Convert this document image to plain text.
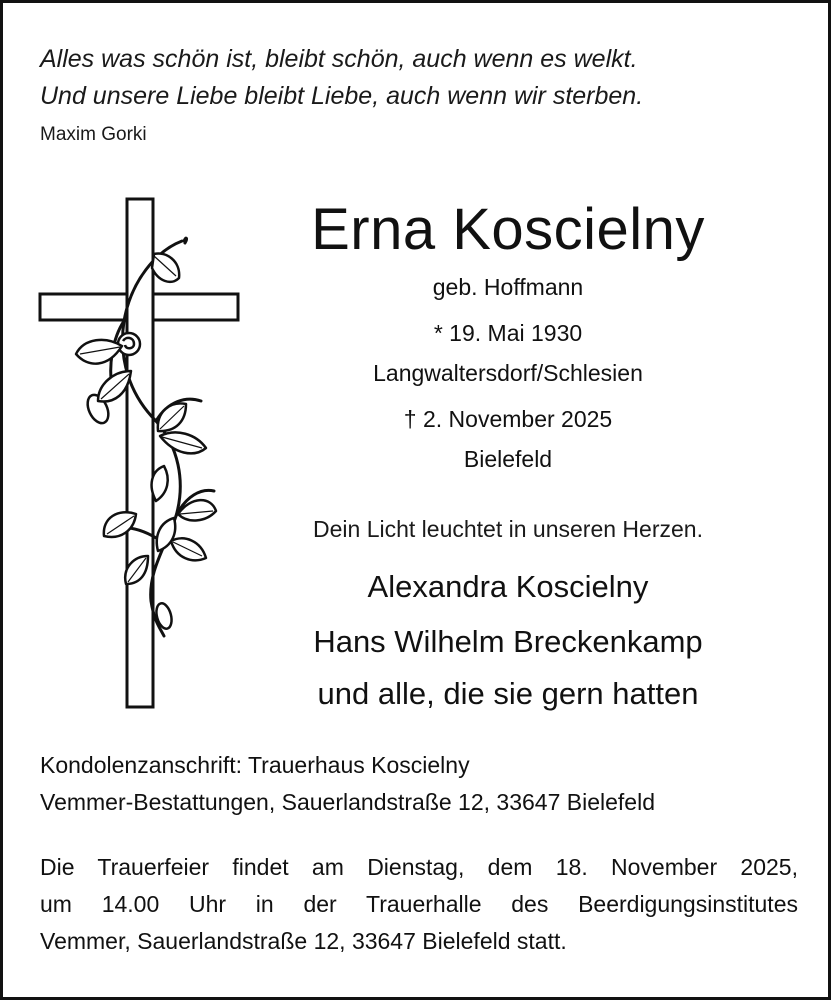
Alles was schön ist, bleibt schön, auch wenn es welkt.
Und unsere Liebe bleibt Liebe, auch wenn wir sterben.
Maxim Gorki
Erna Koscielny
geb. Hoffmann
* 19. Mai 1930
Langwaltersdorf/Schlesien
† 2. November 2025
Bielefeld
Dein Licht leuchtet in unseren Herzen.
Alexandra Koscielny
Hans Wilhelm Breckenkamp
und alle, die sie gern hatten
Kondolenzanschrift: Trauerhaus Koscielny
Vemmer-Bestattungen, Sauerlandstraße 12, 33647 Bielefeld
Die Trauerfeier findet am Dienstag, dem 18. November 2025,
um 14.00 Uhr in der Trauerhalle des Beerdigungsinstitutes
Vemmer, Sauerlandstraße 12, 33647 Bielefeld statt.
